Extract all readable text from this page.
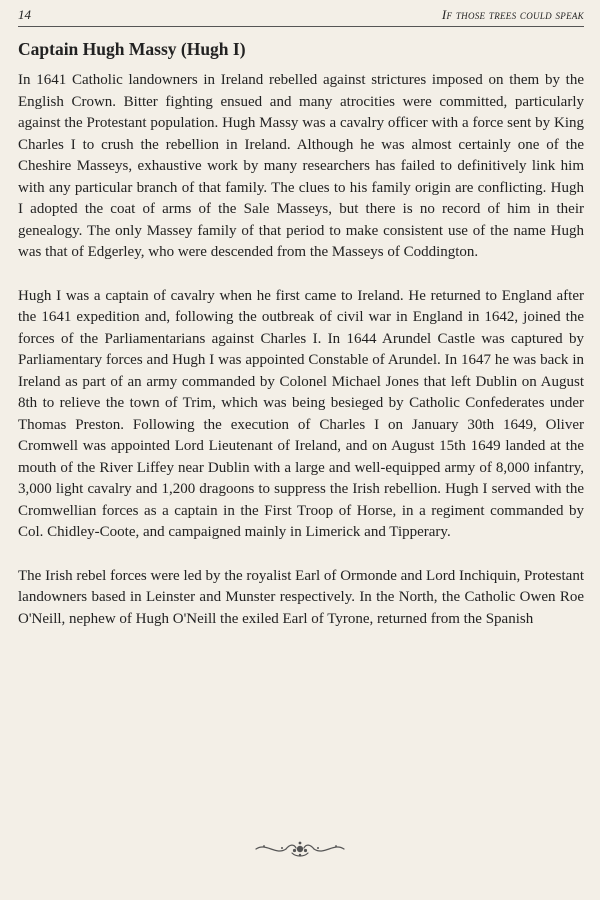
14	If those trees could speak
Captain Hugh Massy (Hugh I)

In 1641 Catholic landowners in Ireland rebelled against strictures imposed on them by the English Crown. Bitter fighting ensued and many atrocities were committed, particularly against the Protestant population. Hugh Massy was a cavalry officer with a force sent by King Charles I to crush the rebellion in Ireland. Although he was almost certainly one of the Cheshire Masseys, exhaustive work by many researchers has failed to definitively link him with any particular branch of that family. The clues to his family origin are conflicting. Hugh I adopted the coat of arms of the Sale Masseys, but there is no record of him in their genealogy. The only Massey family of that period to make consistent use of the name Hugh was that of Edgerley, who were descended from the Masseys of Coddington.

Hugh I was a captain of cavalry when he first came to Ireland. He returned to England after the 1641 expedition and, following the outbreak of civil war in England in 1642, joined the forces of the Parliamentarians against Charles I. In 1644 Arundel Castle was captured by Parliamentary forces and Hugh I was appointed Constable of Arundel. In 1647 he was back in Ireland as part of an army commanded by Colonel Michael Jones that left Dublin on August 8th to relieve the town of Trim, which was being besieged by Catholic Confederates under Thomas Preston. Following the execution of Charles I on January 30th 1649, Oliver Cromwell was appointed Lord Lieutenant of Ireland, and on August 15th 1649 landed at the mouth of the River Liffey near Dublin with a large and well-equipped army of 8,000 infantry, 3,000 light cavalry and 1,200 dragoons to suppress the Irish rebellion. Hugh I served with the Cromwellian forces as a captain in the First Troop of Horse, in a regiment commanded by Col. Chidley-Coote, and campaigned mainly in Limerick and Tipperary.

The Irish rebel forces were led by the royalist Earl of Ormonde and Lord Inchiquin, Protestant landowners based in Leinster and Munster respectively. In the North, the Catholic Owen Roe O'Neill, nephew of Hugh O'Neill the exiled Earl of Tyrone, returned from the Spanish
